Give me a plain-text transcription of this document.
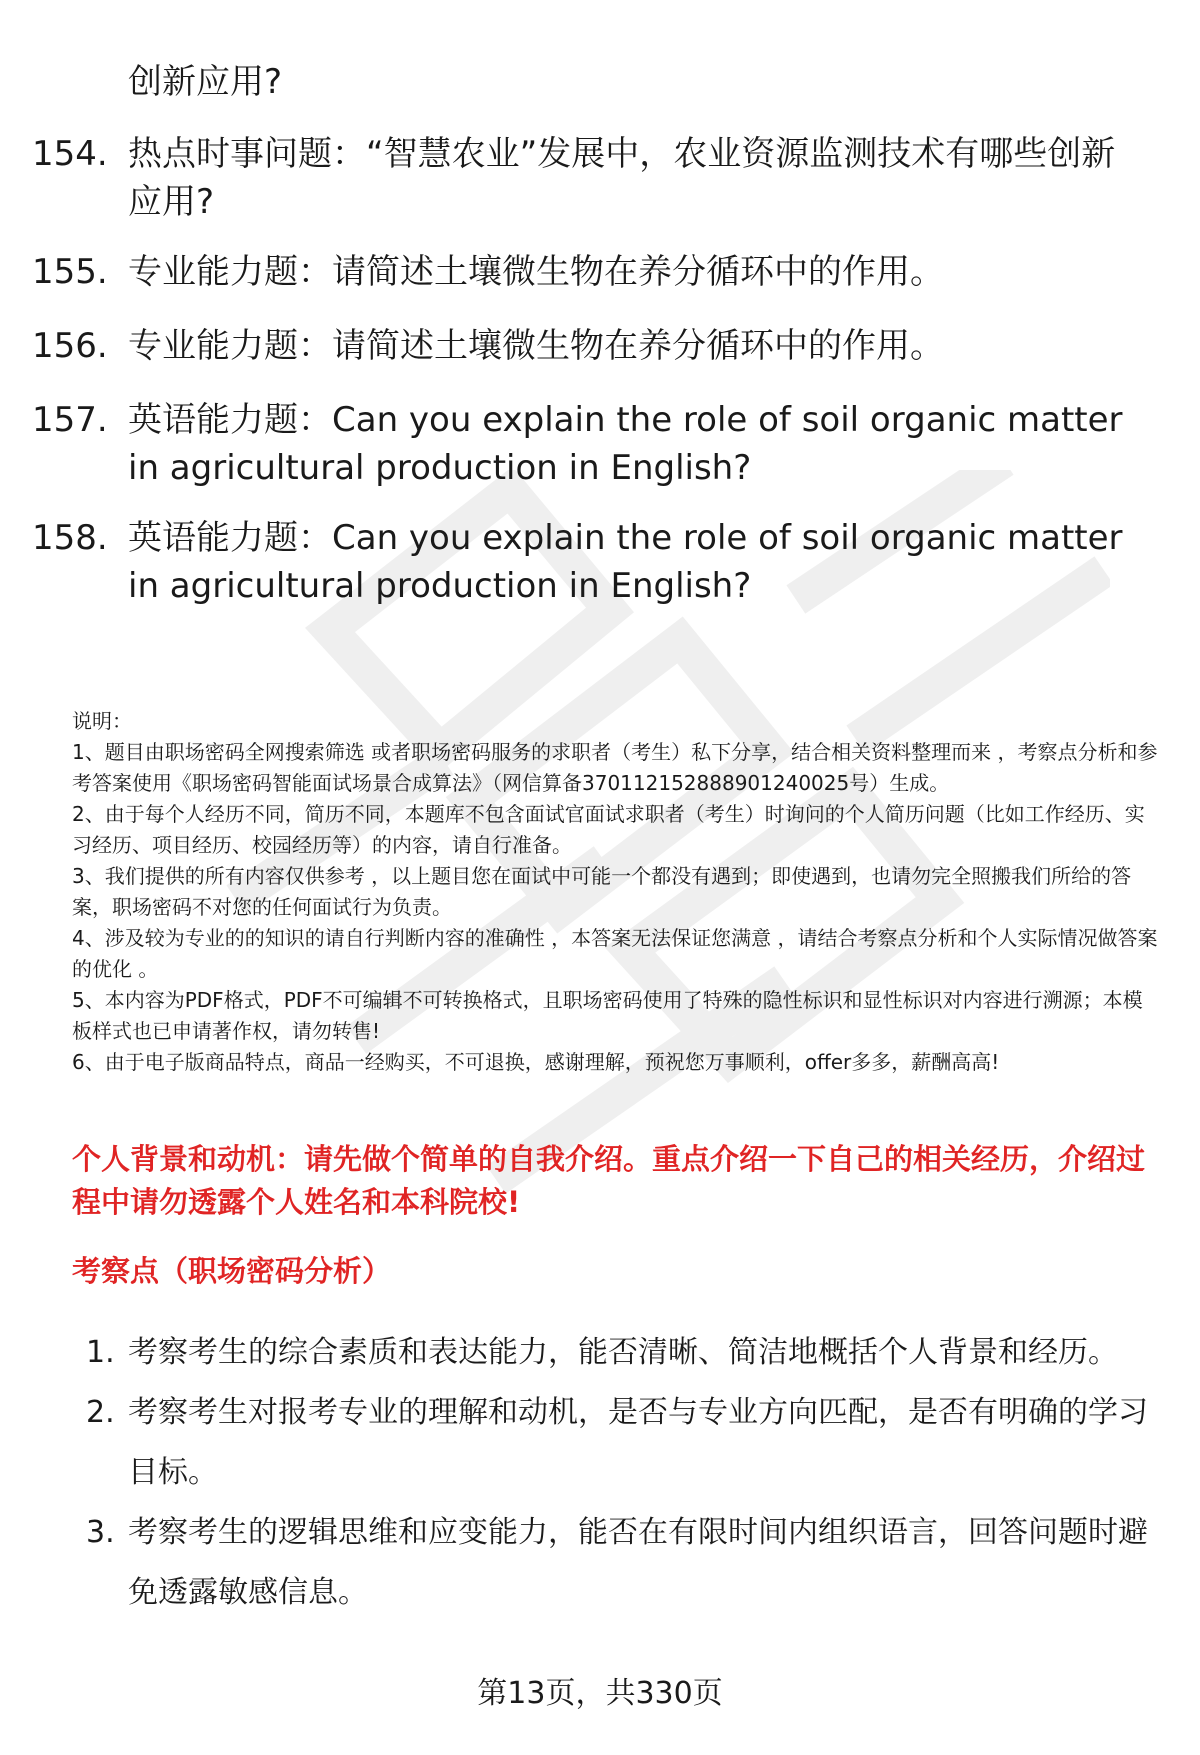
创新应用?
154. 热点时事问题：“智慧农业”发展中，农业资源监测技术有哪些创新应用?
155. 专业能力题：请简述土壤微生物在养分循环中的作用。
156. 专业能力题：请简述土壤微生物在养分循环中的作用。
157. 英语能力题：Can you explain the role of soil organic matter in agricultural production in English?
158. 英语能力题：Can you explain the role of soil organic matter in agricultural production in English?

说明：

1、题目由职场密码全网搜索筛选 或者职场密码服务的求职者（考生）私下分享，结合相关资料整理而来 ，考察点分析和参考答案使用《职场密码智能面试场景合成算法》（网信算备370112152888901240025号）生成。

2、由于每个人经历不同，简历不同，本题库不包含面试官面试求职者（考生）时询问的个人简历问题（比如工作经历、实习经历、项目经历、校园经历等）的内容，请自行准备。

3、我们提供的所有内容仅供参考 ，以上题目您在面试中可能一个都没有遇到；即使遇到，也请勿完全照搬我们所给的答案，职场密码不对您的任何面试行为负责。

4、涉及较为专业的的知识的请自行判断内容的准确性 ，本答案无法保证您满意 ，请结合考察点分析和个人实际情况做答案的优化 。

5、本内容为PDF格式，PDF不可编辑不可转换格式，且职场密码使用了特殊的隐性标识和显性标识对内容进行溯源；本模板样式也已申请著作权，请勿转售!

6、由于电子版商品特点，商品一经购买，不可退换，感谢理解，预祝您万事顺利，offer多多，薪酬高高!

个人背景和动机：请先做个简单的自我介绍。重点介绍一下自己的相关经历，介绍过程中请勿透露个人姓名和本科院校!
考察点（职场密码分析）
1. 考察考生的综合素质和表达能力，能否清晰、简洁地概括个人背景和经历。
2. 考察考生对报考专业的理解和动机，是否与专业方向匹配，是否有明确的学习目标。
3. 考察考生的逻辑思维和应变能力，能否在有限时间内组织语言，回答问题时避免透露敏感信息。
第13页，共330页
